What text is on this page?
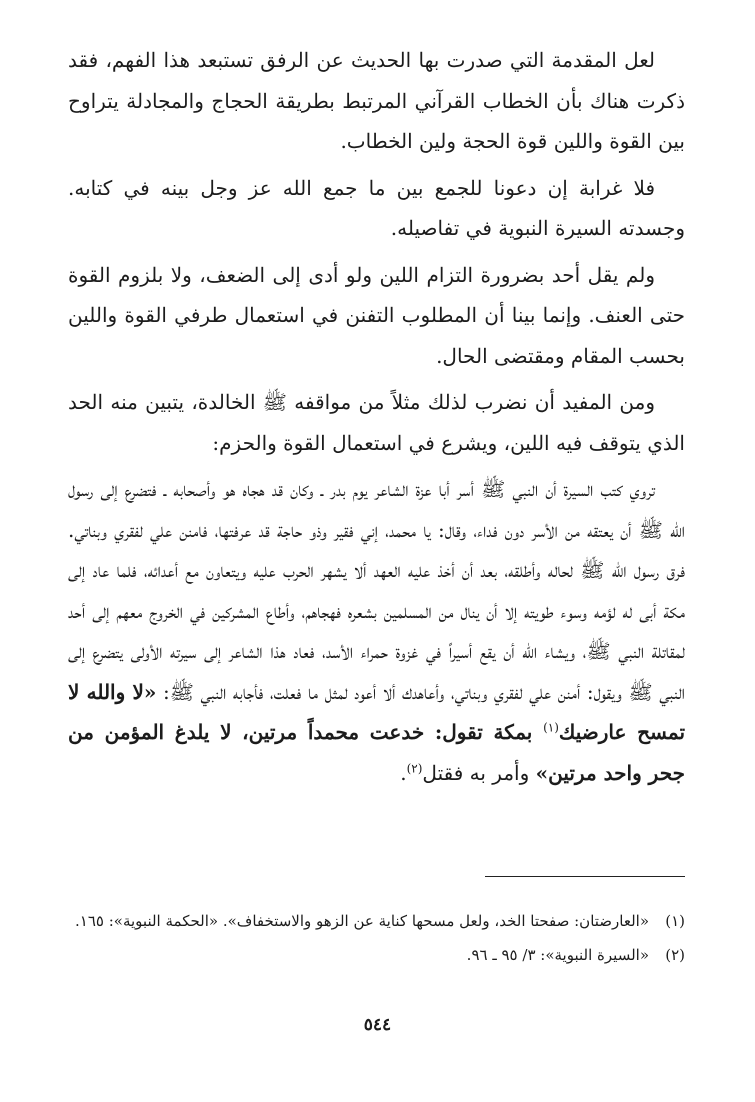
لعل المقدمة التي صدرت بها الحديث عن الرفق تستبعد هذا الفهم، فقد ذكرت هناك بأن الخطاب القرآني المرتبط بطريقة الحجاج والمجادلة يتراوح بين القوة واللين قوة الحجة ولين الخطاب.

فلا غرابة إن دعونا للجمع بين ما جمع الله عز وجل بينه في كتابه. وجسدته السيرة النبوية في تفاصيله.

ولم يقل أحد بضرورة التزام اللين ولو أدى إلى الضعف، ولا بلزوم القوة حتى العنف. وإنما بينا أن المطلوب التفنن في استعمال طرفي القوة واللين بحسب المقام ومقتضى الحال.

ومن المفيد أن نضرب لذلك مثلاً من مواقفه ﷺ الخالدة، يتبين منه الحد الذي يتوقف فيه اللين، ويشرع في استعمال القوة والحزم:

تروي كتب السيرة أن النبي ﷺ أسر أبا عزة الشاعر يوم بدر ـ وكان قد هجاه هو وأصحابه ـ فتضرع إلى رسول الله ﷺ أن يعتقه من الأسر دون فداء، وقال: يا محمد، إني فقير وذو حاجة قد عرفتها، فامنن علي لفقري وبناتي. فرق رسول الله ﷺ لحاله وأطلقه، بعد أن أخذ عليه العهد ألا يشهر الحرب عليه ويتعاون مع أعدائه، فلما عاد إلى مكة أبى له لؤمه وسوء طويته إلا أن ينال من المسلمين بشعره فهجاهم، وأطاع المشركين في الخروج معهم إلى أحد لمقاتلة النبي ﷺ، ويشاء الله أن يقع أسيراً في غزوة حمراء الأسد، فعاد هذا الشاعر إلى سيرته الأولى يتضرع إلى النبي ﷺ ويقول: أمنن علي لفقري وبناتي، وأعاهدك ألا أعود لمثل ما فعلت، فأجابه النبي ﷺ: «لا والله لا تمسح عارضيك$^{(١)}$ بمكة تقول: خدعت محمداً مرتين، لا يلدغ المؤمن من جحر واحد مرتين» وأمر به فقتل$^{(٢)}$.

(١)
«العارضتان: صفحتا الخد، ولعل مسحها كناية عن الزهو والاستخفاف». «الحكمة النبوية»: ١٦٥.
(٢)
«السيرة النبوية»: ٣/ ٩٥ ـ ٩٦.
٥٤٤
